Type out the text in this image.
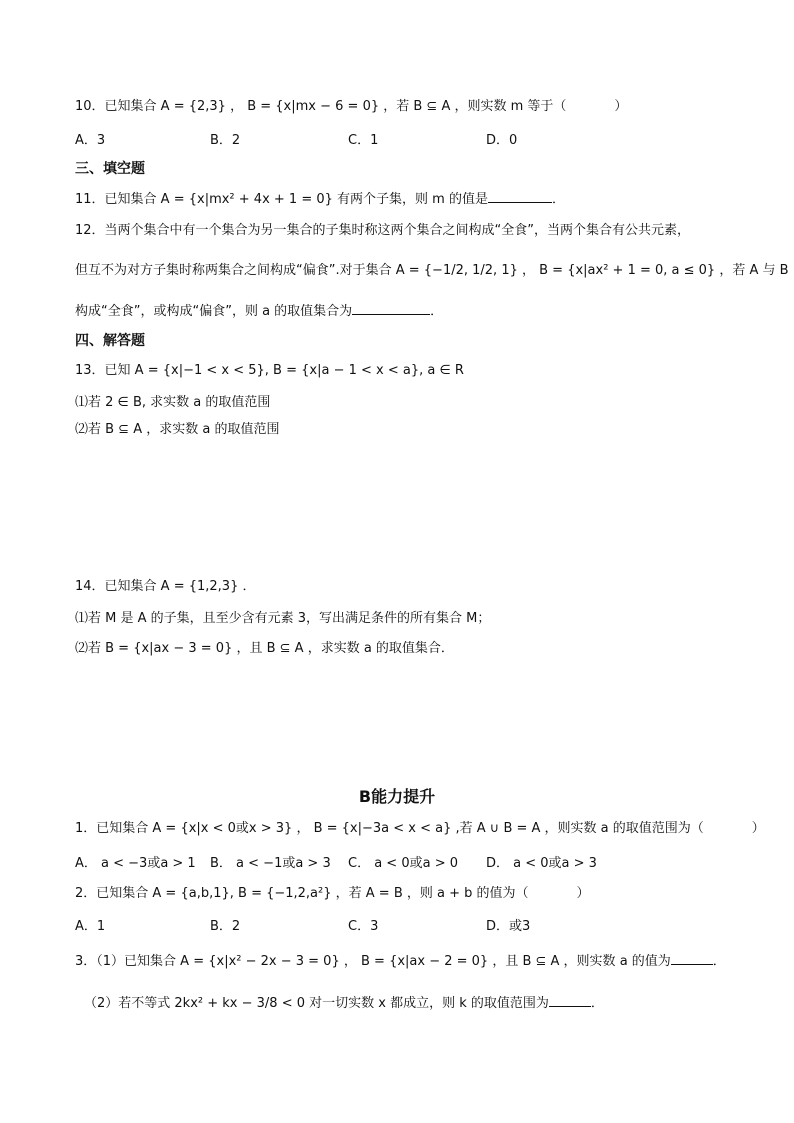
10．已知集合 A = {2,3} ， B = {x|mx − 6 = 0} ，若 B ⊆ A ，则实数 m 等于（	）
A．3	B．2	C．1	D．0
三、填空题
11．已知集合 A = {x|mx² + 4x + 1 = 0} 有两个子集，则 m 的值是	．
12．当两个集合中有一个集合为另一集合的子集时称这两个集合之间构成“全食”，当两个集合有公共元素，
但互不为对方子集时称两集合之间构成“偏食”.对于集合 A = {−1/2, 1/2, 1} ， B = {x|ax² + 1 = 0, a ≤ 0} ，若 A 与 B
构成“全食”，或构成“偏食”，则 a 的取值集合为	．
四、解答题
13．已知 A = {x|−1 < x < 5}, B = {x|a − 1 < x < a}, a ∈ R
⑴若 2 ∈ B, 求实数 a 的取值范围
⑵若 B ⊆ A ，求实数 a 的取值范围
14．已知集合 A = {1,2,3} ．
⑴若 M 是 A 的子集，且至少含有元素 3，写出满足条件的所有集合 M；
⑵若 B = {x|ax − 3 = 0} ，且 B ⊆ A ，求实数 a 的取值集合．
B能力提升
1．已知集合 A = {x|x < 0或x > 3} ， B = {x|−3a < x < a} ,若 A ∪ B = A ，则实数 a 的取值范围为（	）
A． a < −3或a > 1 B． a < −1或a > 3 C． a < 0或a > 0 D． a < 0或a > 3
2．已知集合 A = {a,b,1}, B = {−1,2,a²} ，若 A = B ，则 a + b 的值为（	）
A．1	B．2	C．3	D．或3
3．（1）已知集合 A = {x|x² − 2x − 3 = 0} ， B = {x|ax − 2 = 0} ，且 B ⊆ A ，则实数 a 的值为	．
（2）若不等式 2kx² + kx − 3/8 < 0 对一切实数 x 都成立，则 k 的取值范围为	．
